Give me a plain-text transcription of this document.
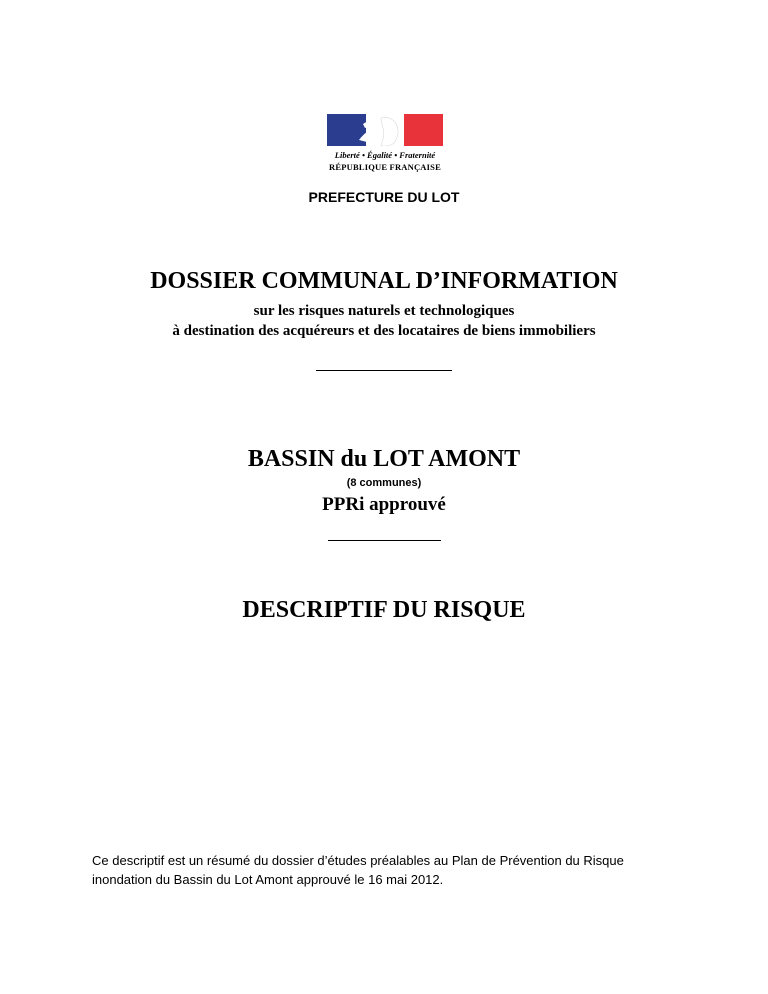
Liberté • Égalité • Fraternité
RÉPUBLIQUE FRANÇAISE
PREFECTURE DU LOT
DOSSIER COMMUNAL D’INFORMATION
sur les risques naturels et technologiques
à destination des acquéreurs et des locataires de biens immobiliers
BASSIN du LOT AMONT
(8 communes)
PPRi approuvé
DESCRIPTIF DU RISQUE
Ce descriptif est un résumé du dossier d’études préalables au Plan de Prévention du Risque
inondation du Bassin du Lot Amont approuvé le 16 mai 2012.
